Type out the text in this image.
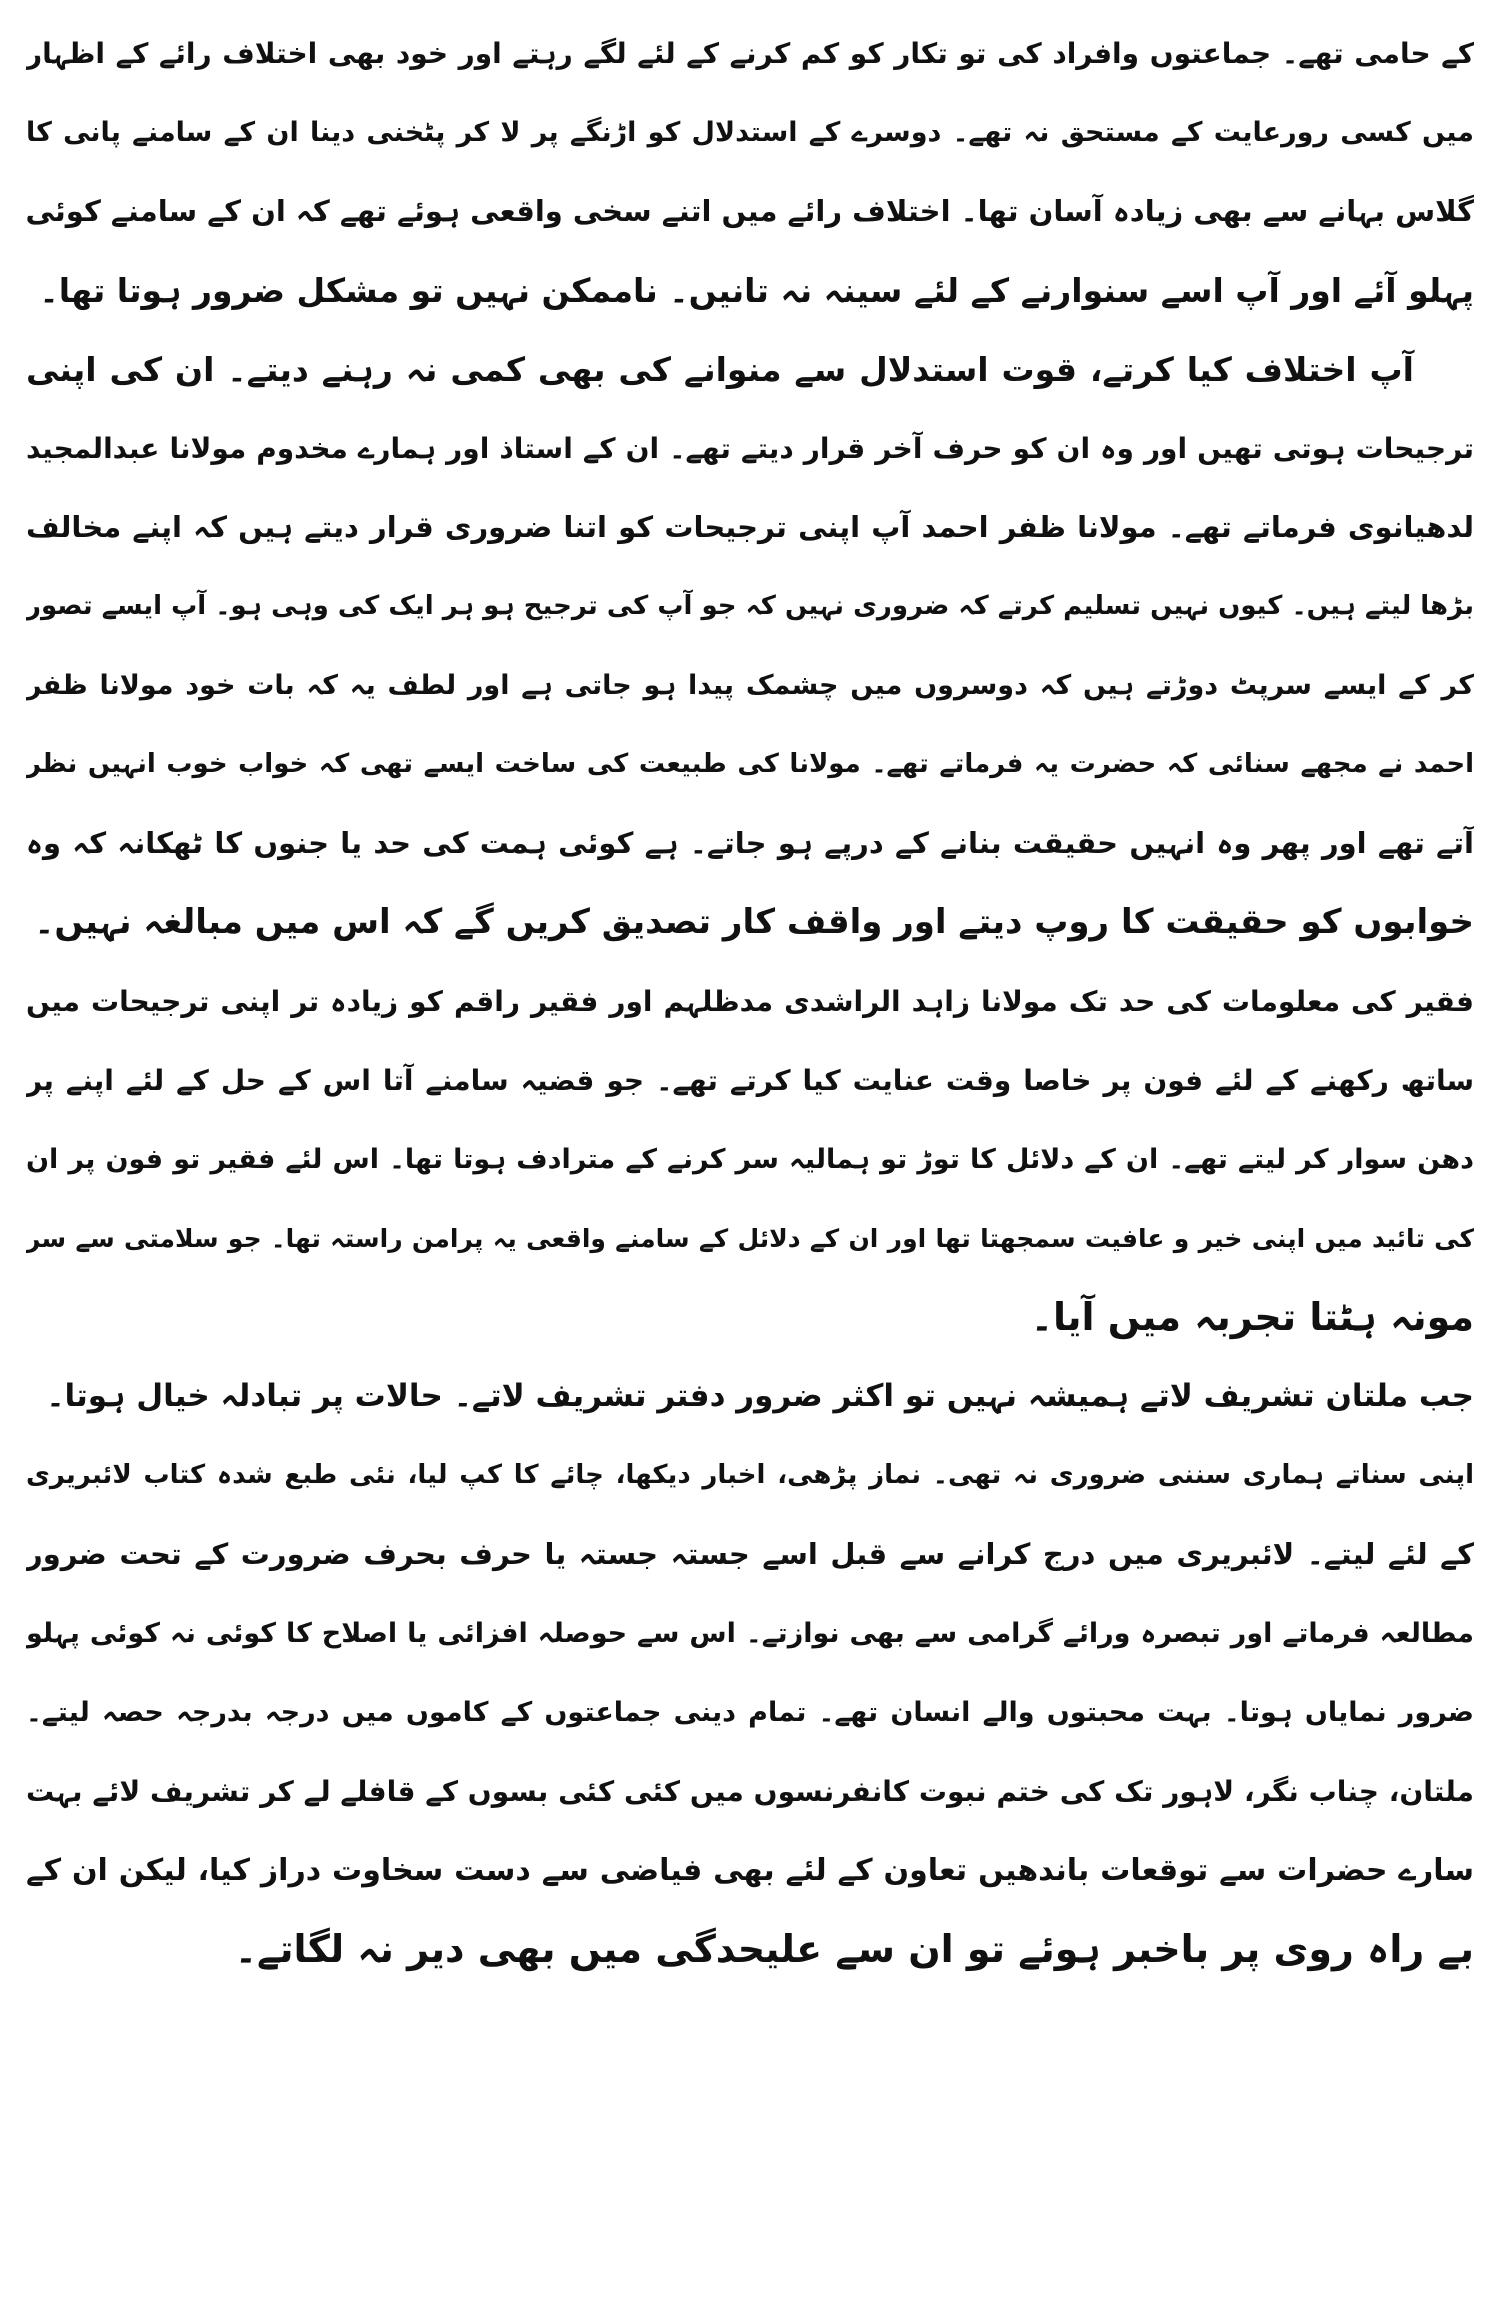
کے حامی تھے۔ جماعتوں وافراد کی تو تکار کو کم کرنے کے لئے لگے رہتے اور خود بھی اختلاف رائے کے اظہار
میں کسی رورعایت کے مستحق نہ تھے۔ دوسرے کے استدلال کو اڑنگے پر لا کر پٹخنی دینا ان کے سامنے پانی کا
گلاس بہانے سے بھی زیادہ آسان تھا۔ اختلاف رائے میں اتنے سخی واقعی ہوئے تھے کہ ان کے سامنے کوئی
پہلو آئے اور آپ اسے سنوارنے کے لئے سینہ نہ تانیں۔ ناممکن نہیں تو مشکل ضرور ہوتا تھا۔
آپ اختلاف کیا کرتے، قوت استدلال سے منوانے کی بھی کمی نہ رہنے دیتے۔ ان کی اپنی
ترجیحات ہوتی تھیں اور وہ ان کو حرف آخر قرار دیتے تھے۔ ان کے استاذ اور ہمارے مخدوم مولانا عبدالمجید
لدھیانوی فرماتے تھے۔ مولانا ظفر احمد آپ اپنی ترجیحات کو اتنا ضروری قرار دیتے ہیں کہ اپنے مخالف
بڑھا لیتے ہیں۔ کیوں نہیں تسلیم کرتے کہ ضروری نہیں کہ جو آپ کی ترجیح ہو ہر ایک کی وہی ہو۔ آپ ایسے تصور
کر کے ایسے سرپٹ دوڑتے ہیں کہ دوسروں میں چشمک پیدا ہو جاتی ہے اور لطف یہ کہ بات خود مولانا ظفر
احمد نے مجھے سنائی کہ حضرت یہ فرماتے تھے۔ مولانا کی طبیعت کی ساخت ایسے تھی کہ خواب خوب انہیں نظر
آتے تھے اور پھر وہ انہیں حقیقت بنانے کے درپے ہو جاتے۔ ہے کوئی ہمت کی حد یا جنوں کا ٹھکانہ کہ وہ
خوابوں کو حقیقت کا روپ دیتے اور واقف کار تصدیق کریں گے کہ اس میں مبالغہ نہیں۔
فقیر کی معلومات کی حد تک مولانا زاہد الراشدی مدظلہم اور فقیر راقم کو زیادہ تر اپنی ترجیحات میں
ساتھ رکھنے کے لئے فون پر خاصا وقت عنایت کیا کرتے تھے۔ جو قضیہ سامنے آتا اس کے حل کے لئے اپنے پر
دھن سوار کر لیتے تھے۔ ان کے دلائل کا توڑ تو ہمالیہ سر کرنے کے مترادف ہوتا تھا۔ اس لئے فقیر تو فون پر ان
کی تائید میں اپنی خیر و عافیت سمجھتا تھا اور ان کے دلائل کے سامنے واقعی یہ پرامن راستہ تھا۔ جو سلامتی سے سر
مونہ ہٹتا تجربہ میں آیا۔
جب ملتان تشریف لاتے ہمیشہ نہیں تو اکثر ضرور دفتر تشریف لاتے۔ حالات پر تبادلہ خیال ہوتا۔
اپنی سناتے ہماری سننی ضروری نہ تھی۔ نماز پڑھی، اخبار دیکھا، چائے کا کپ لیا، نئی طبع شدہ کتاب لائبریری
کے لئے لیتے۔ لائبریری میں درج کرانے سے قبل اسے جستہ جستہ یا حرف بحرف ضرورت کے تحت ضرور
مطالعہ فرماتے اور تبصرہ ورائے گرامی سے بھی نوازتے۔ اس سے حوصلہ افزائی یا اصلاح کا کوئی نہ کوئی پہلو
ضرور نمایاں ہوتا۔ بہت محبتوں والے انسان تھے۔ تمام دینی جماعتوں کے کاموں میں درجہ بدرجہ حصہ لیتے۔
ملتان، چناب نگر، لاہور تک کی ختم نبوت کانفرنسوں میں کئی کئی بسوں کے قافلے لے کر تشریف لائے بہت
سارے حضرات سے توقعات باندھیں تعاون کے لئے بھی فیاضی سے دست سخاوت دراز کیا، لیکن ان کے
بے راہ روی پر باخبر ہوئے تو ان سے علیحدگی میں بھی دیر نہ لگاتے۔
